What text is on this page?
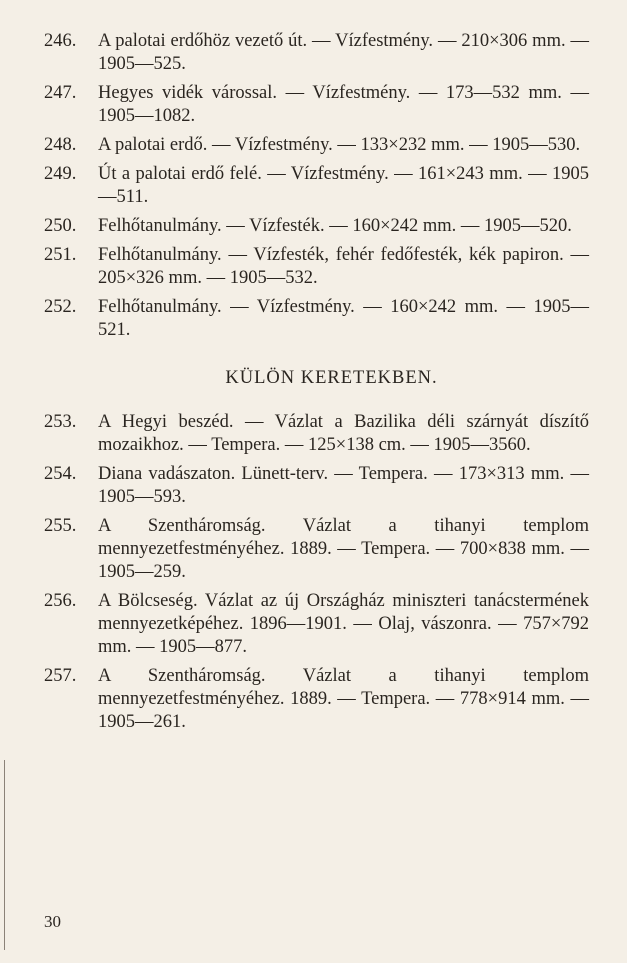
246.	A palotai erdőhöz vezető út. — Vízfestmény. — 210×306 mm. — 1905—525.
247.	Hegyes vidék várossal. — Vízfestmény. — 173—532 mm. — 1905—1082.
248.	A palotai erdő. — Vízfestmény. — 133×232 mm. — 1905—530.
249.	Út a palotai erdő felé. — Vízfestmény. — 161×243 mm. — 1905—511.
250.	Felhőtanulmány. — Vízfesték. — 160×242 mm. — 1905—520.
251.	Felhőtanulmány. — Vízfesték, fehér fedőfesték, kék papiron. — 205×326 mm. — 1905—532.
252.	Felhőtanulmány. — Vízfestmény. — 160×242 mm. — 1905—521.
KÜLÖN KERETEKBEN.
253.	A Hegyi beszéd. — Vázlat a Bazilika déli szárnyát díszítő mozaikhoz. — Tempera. — 125×138 cm. — 1905—3560.
254.	Diana vadászaton. Lünett-terv. — Tempera. — 173×313 mm. — 1905—593.
255.	A Szentháromság. Vázlat a tihanyi templom mennyezetfestményéhez. 1889. — Tempera. — 700×838 mm. — 1905—259.
256.	A Bölcseség. Vázlat az új Országház miniszteri tanácstermének mennyezetképéhez. 1896—1901. — Olaj, vászonra. — 757×792 mm. — 1905—877.
257.	A Szentháromság. Vázlat a tihanyi templom mennyezetfestményéhez. 1889. — Tempera. — 778×914 mm. — 1905—261.
30
